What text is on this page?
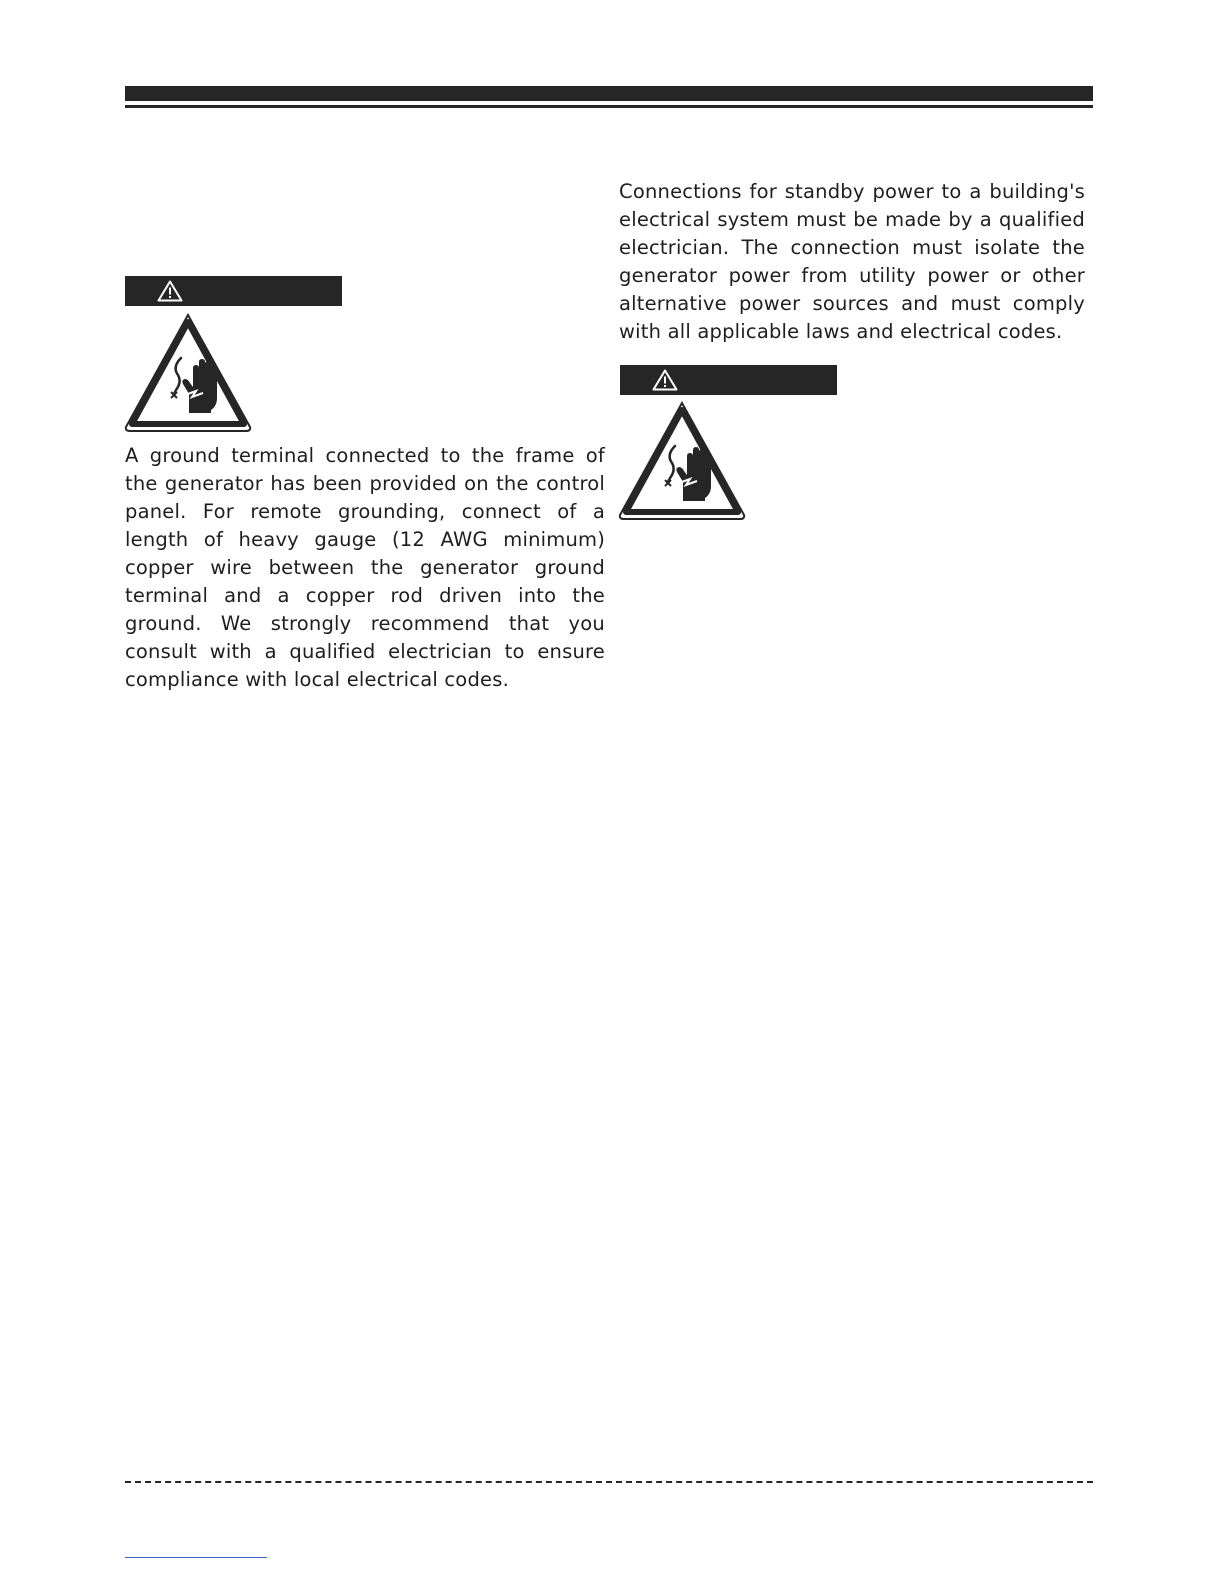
A ground terminal connected to the frame of the generator has been provided on the control panel. For remote grounding, connect of a length of heavy gauge (12 AWG minimum) copper wire between the generator ground terminal and a copper rod driven into the ground. We strongly recommend that you consult with a qualified electrician to ensure compliance with local electrical codes.

Connections for standby power to a building's electrical system must be made by a qualified electrician. The connection must isolate the generator power from utility power or other alternative power sources and must comply with all applicable laws and electrical codes.
